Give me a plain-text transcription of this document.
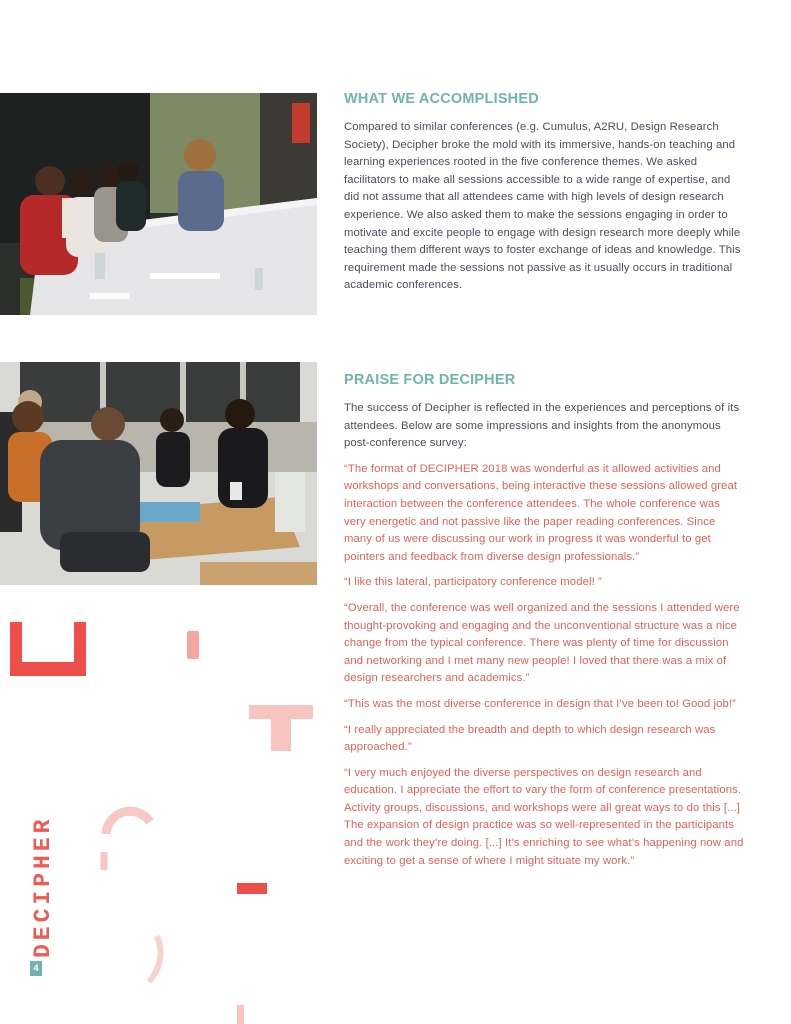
WHAT WE ACCOMPLISHED

Compared to similar conferences (e.g. Cumulus, A2RU, Design Research Society), Decipher broke the mold with its immersive, hands-on teaching and learning experiences rooted in the five conference themes. We asked facilitators to make all sessions accessible to a wide range of expertise, and did not assume that all attendees came with high levels of design research experience. We also asked them to make the sessions engaging in order to motivate and excite people to engage with design research more deeply while teaching them different ways to foster exchange of ideas and knowledge. This requirement made the sessions not passive as it usually occurs in traditional academic conferences.

PRAISE FOR DECIPHER

The success of Decipher is reflected in the experiences and perceptions of its attendees. Below are some impressions and insights from the anonymous post-conference survey:

“The format of DECIPHER 2018 was wonderful as it allowed activities and workshops and conversations, being interactive these sessions allowed great interaction between the conference attendees. The whole conference was very energetic and not passive like the paper reading conferences. Since many of us were discussing our work in progress it was wonderful to get pointers and feedback from diverse design professionals.”

“I like this lateral, participatory conference model! ”

“Overall, the conference was well organized and the sessions I attended were thought-provoking and engaging and the unconventional structure was a nice change from the typical conference. There was plenty of time for discussion and networking and I met many new people! I loved that there was a mix of design researchers and academics.”

“This was the most diverse conference in design that I’ve been to! Good job!”

“I really appreciated the breadth and depth to which design research was approached.”

“I very much enjoyed the diverse perspectives on design research and education. I appreciate the effort to vary the form of conference presentations. Activity groups, discussions, and workshops were all great ways to do this [...] The expansion of design practice was so well-represented in the participants and the work they’re doing. [...] It’s enriching to see what’s happening now and exciting to get a sense of where I might situate my work.”

DECIPHER
4
